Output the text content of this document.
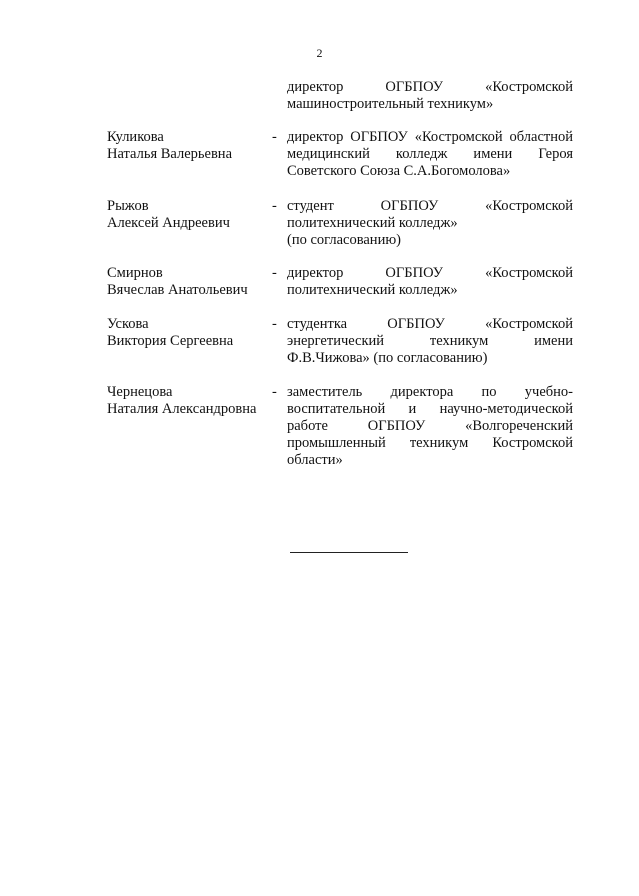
2
директор ОГБПОУ «Костромской машиностроительный техникум»
Куликова
Наталья Валерьевна
- директор ОГБПОУ «Костромской областной медицинский колледж имени Героя Советского Союза С.А.Богомолова»
Рыжов
Алексей Андреевич
- студент ОГБПОУ «Костромской политехнический колледж»
(по согласованию)
Смирнов
Вячеслав Анатольевич
- директор ОГБПОУ «Костромской политехнический колледж»
Ускова
Виктория Сергеевна
- студентка ОГБПОУ «Костромской энергетический техникум имени Ф.В.Чижова» (по согласованию)
Чернецова
Наталия Александровна
- заместитель директора по учебно-воспитательной и научно-методической работе ОГБПОУ «Волгореченский промышленный техникум Костромской области»
